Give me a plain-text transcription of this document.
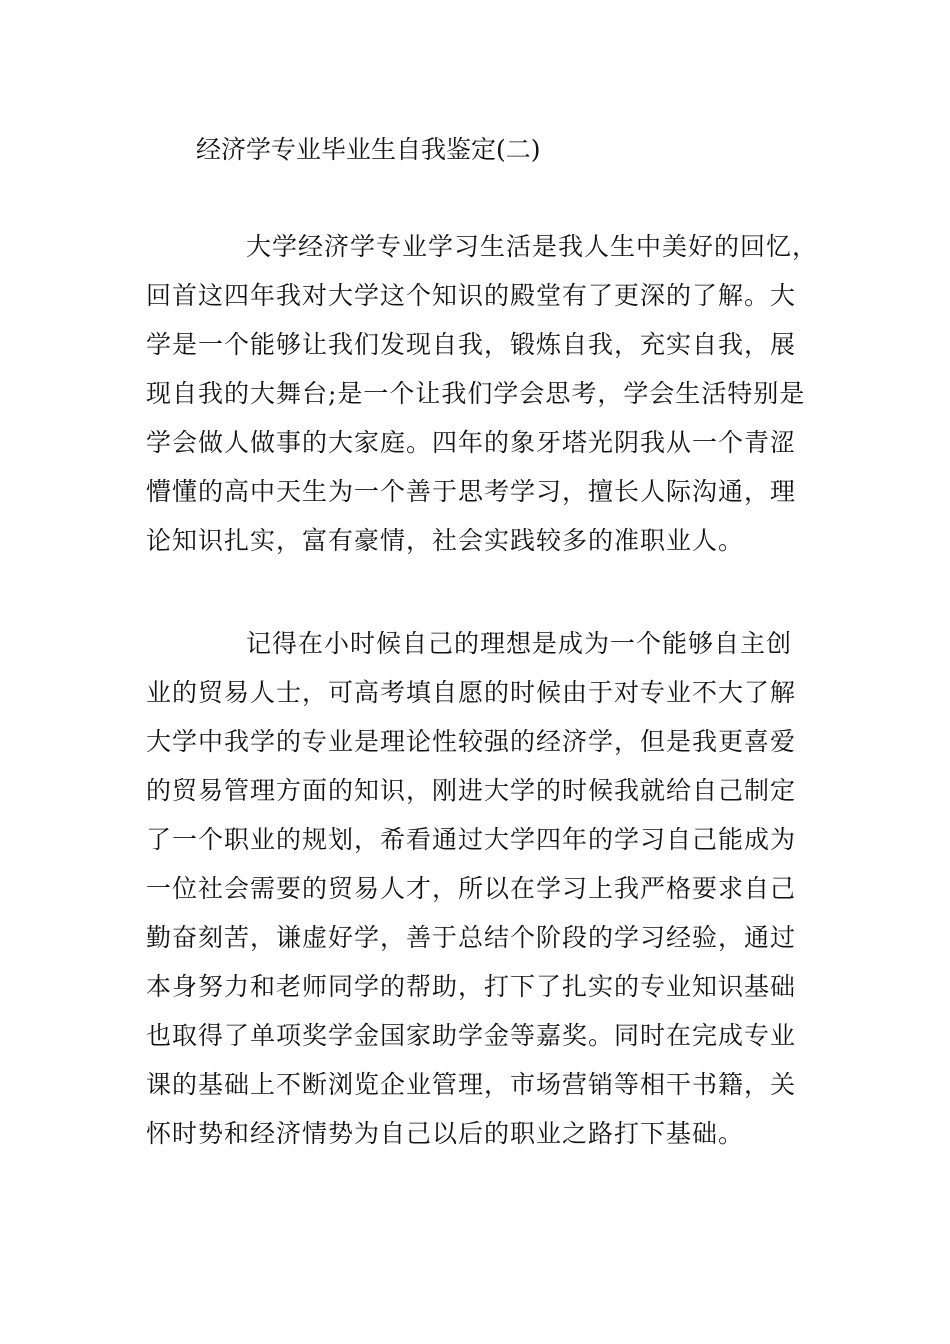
经济学专业毕业生自我鉴定(二)
大学经济学专业学习生活是我人生中美好的回忆，
回首这四年我对大学这个知识的殿堂有了更深的了解。大
学是一个能够让我们发现自我，锻炼自我，充实自我，展
现自我的大舞台;是一个让我们学会思考，学会生活特别是
学会做人做事的大家庭。四年的象牙塔光阴我从一个青涩
懵懂的高中天生为一个善于思考学习，擅长人际沟通，理
论知识扎实，富有豪情，社会实践较多的准职业人。
记得在小时候自己的理想是成为一个能够自主创
业的贸易人士，可高考填自愿的时候由于对专业不大了解
大学中我学的专业是理论性较强的经济学，但是我更喜爱
的贸易管理方面的知识，刚进大学的时候我就给自己制定
了一个职业的规划，希看通过大学四年的学习自己能成为
一位社会需要的贸易人才，所以在学习上我严格要求自己
勤奋刻苦，谦虚好学，善于总结个阶段的学习经验，通过
本身努力和老师同学的帮助，打下了扎实的专业知识基础
也取得了单项奖学金国家助学金等嘉奖。同时在完成专业
课的基础上不断浏览企业管理，市场营销等相干书籍，关
怀时势和经济情势为自己以后的职业之路打下基础。
